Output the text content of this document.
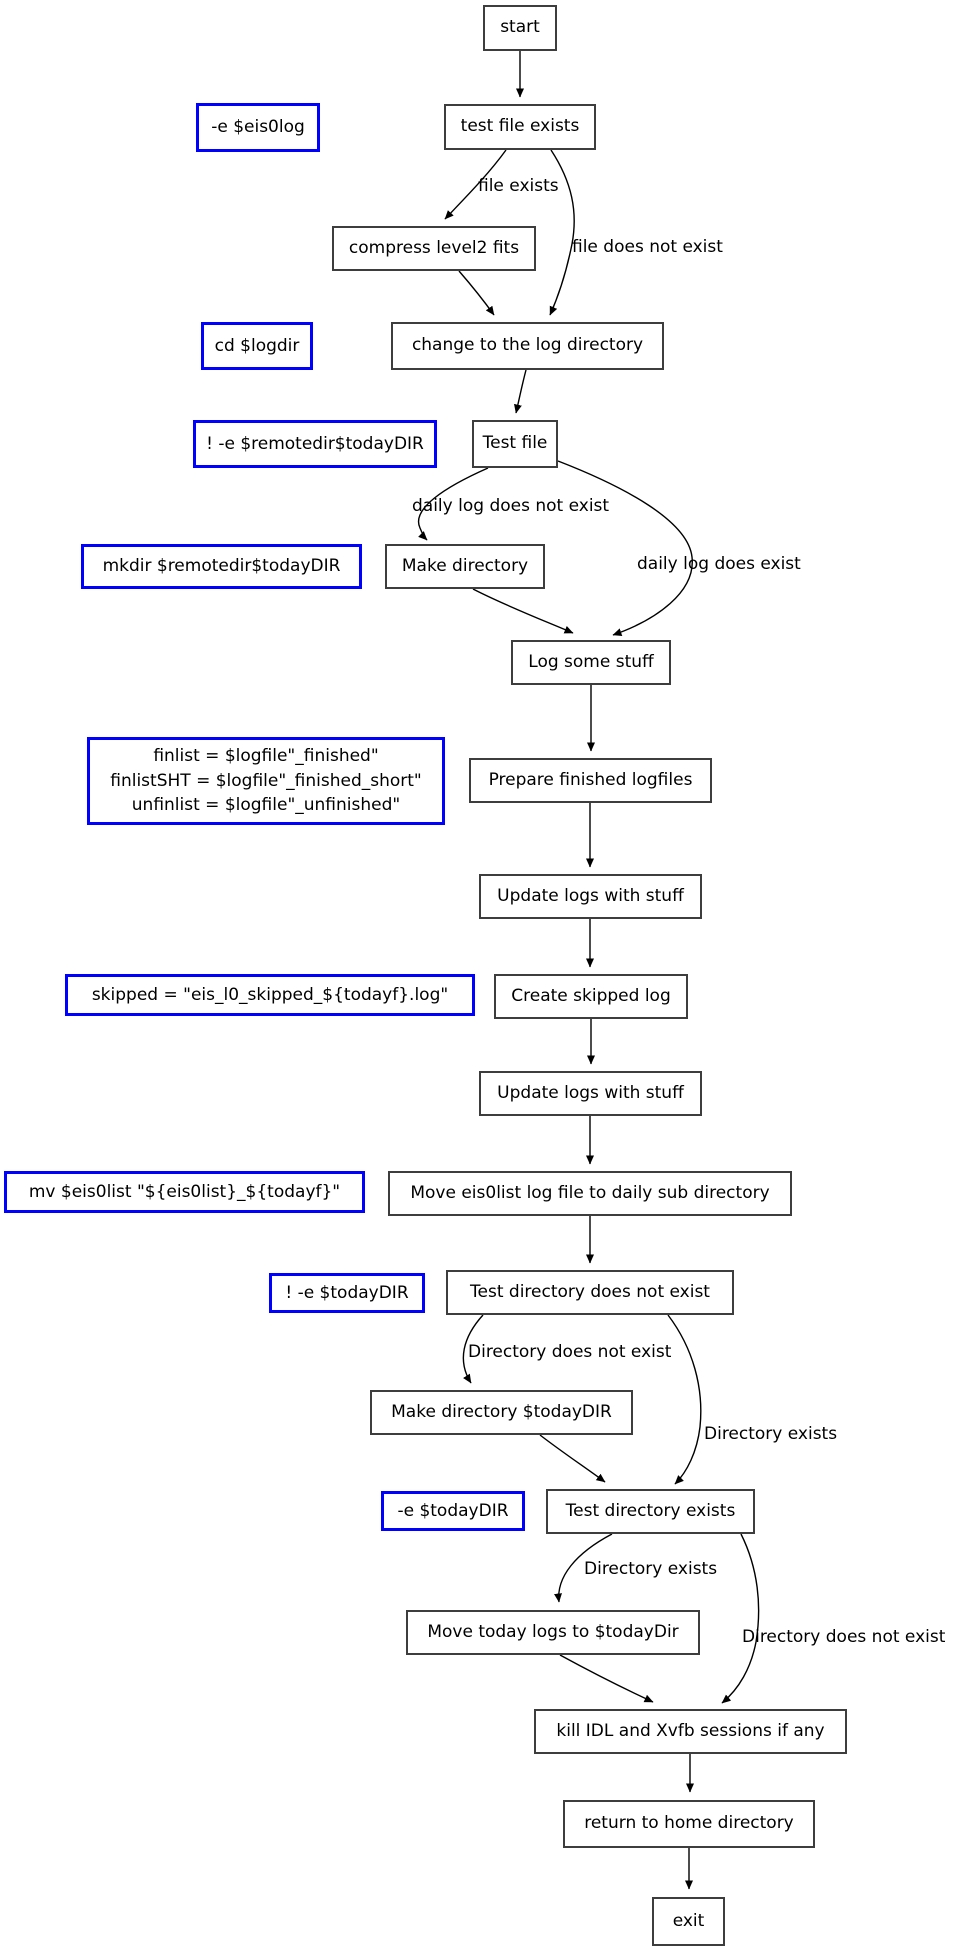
start
test file exists
compress level2 fits
change to the log directory
Test file
Make directory
Log some stuff
Prepare finished logfiles
Update logs with stuff
Create skipped log
Update logs with stuff
Move eis0list log file to daily sub directory
Test directory does not exist
Make directory $todayDIR
Test directory exists
Move today logs to $todayDir
kill IDL and Xvfb sessions if any
return to home directory
exit
-e $eis0log
cd $logdir
! -e $remotedir$todayDIR
mkdir $remotedir$todayDIR
finlist = $logfile"_finished"
finlistSHT = $logfile"_finished_short"
unfinlist = $logfile"_unfinished"
skipped = "eis_l0_skipped_${todayf}.log"
mv $eis0list "${eis0list}_${todayf}"
! -e $todayDIR
-e $todayDIR
file exists
file does not exist
daily log does not exist
daily log does exist
Directory does not exist
Directory exists
Directory exists
Directory does not exist
